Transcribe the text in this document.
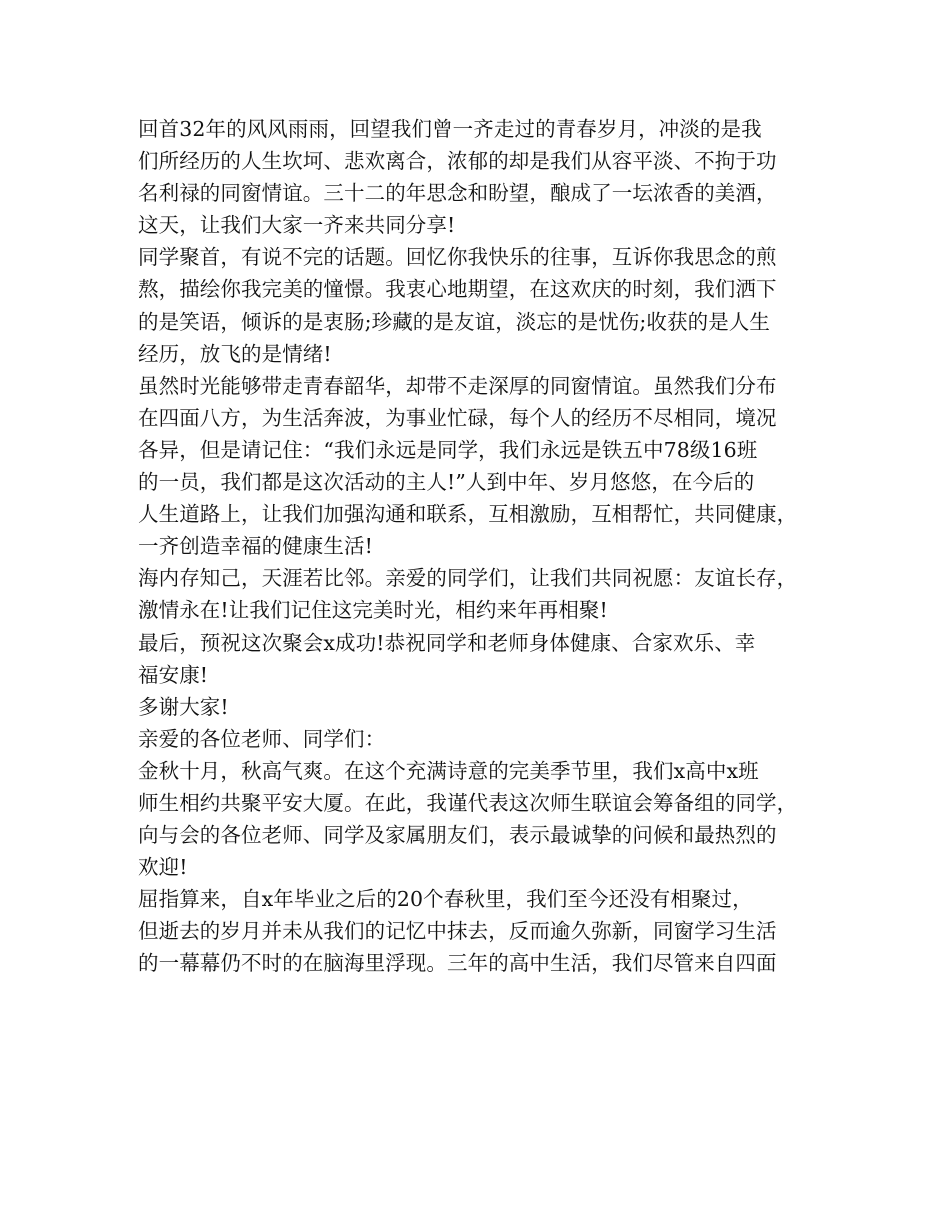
回首32年的风风雨雨，回望我们曾一齐走过的青春岁月，冲淡的是我
们所经历的人生坎坷、悲欢离合，浓郁的却是我们从容平淡、不拘于功
名利禄的同窗情谊。三十二的年思念和盼望，酿成了一坛浓香的美酒，
这天，让我们大家一齐来共同分享!
同学聚首，有说不完的话题。回忆你我快乐的往事，互诉你我思念的煎
熬，描绘你我完美的憧憬。我衷心地期望，在这欢庆的时刻，我们洒下
的是笑语，倾诉的是衷肠;珍藏的是友谊，淡忘的是忧伤;收获的是人生
经历，放飞的是情绪!
虽然时光能够带走青春韶华，却带不走深厚的同窗情谊。虽然我们分布
在四面八方，为生活奔波，为事业忙碌，每个人的经历不尽相同，境况
各异，但是请记住：“我们永远是同学，我们永远是铁五中78级16班
的一员，我们都是这次活动的主人!”人到中年、岁月悠悠，在今后的
人生道路上，让我们加强沟通和联系，互相激励，互相帮忙，共同健康，
一齐创造幸福的健康生活!
海内存知己，天涯若比邻。亲爱的同学们，让我们共同祝愿：友谊长存，
激情永在!让我们记住这完美时光，相约来年再相聚!
最后，预祝这次聚会x成功!恭祝同学和老师身体健康、合家欢乐、幸
福安康!
多谢大家!
亲爱的各位老师、同学们：
金秋十月，秋高气爽。在这个充满诗意的完美季节里，我们x高中x班
师生相约共聚平安大厦。在此，我谨代表这次师生联谊会筹备组的同学，
向与会的各位老师、同学及家属朋友们，表示最诚挚的问候和最热烈的
欢迎!
屈指算来，自x年毕业之后的20个春秋里，我们至今还没有相聚过，
但逝去的岁月并未从我们的记忆中抹去，反而逾久弥新，同窗学习生活
的一幕幕仍不时的在脑海里浮现。三年的高中生活，我们尽管来自四面
